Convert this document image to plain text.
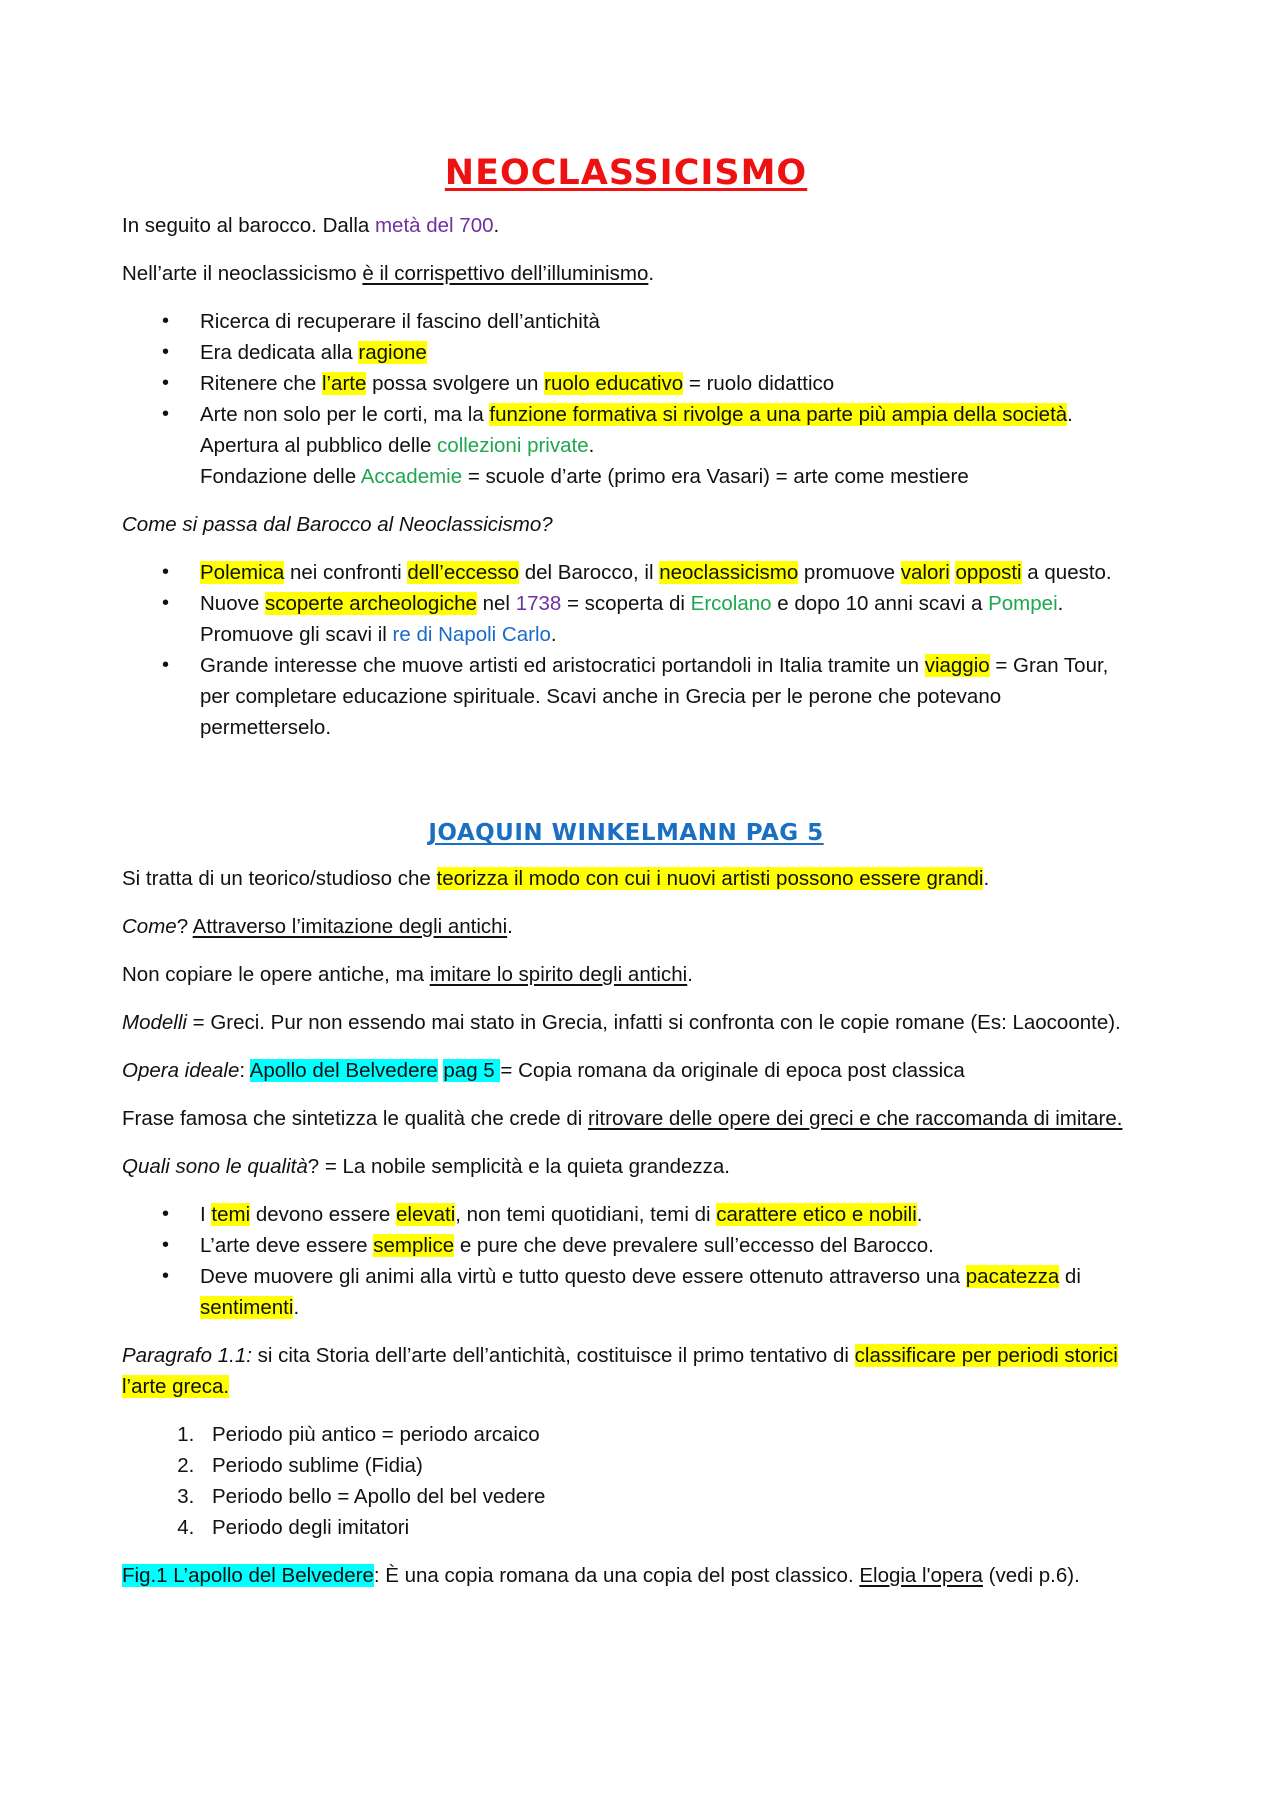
NEOCLASSICISMO

In seguito al barocco. Dalla metà del 700.

Nell’arte il neoclassicismo è il corrispettivo dell’illuminismo.

• Ricerca di recuperare il fascino dell’antichità
• Era dedicata alla ragione
• Ritenere che l’arte possa svolgere un ruolo educativo = ruolo didattico
• Arte non solo per le corti, ma la funzione formativa si rivolge a una parte più ampia della società.
Apertura al pubblico delle collezioni private.
Fondazione delle Accademie = scuole d’arte (primo era Vasari) = arte come mestiere

Come si passa dal Barocco al Neoclassicismo?

• Polemica nei confronti dell’eccesso del Barocco, il neoclassicismo promuove valori opposti a questo.
• Nuove scoperte archeologiche nel 1738 = scoperta di Ercolano e dopo 10 anni scavi a Pompei.
Promuove gli scavi il re di Napoli Carlo.
• Grande interesse che muove artisti ed aristocratici portandoli in Italia tramite un viaggio = Gran Tour, per completare educazione spirituale. Scavi anche in Grecia per le perone che potevano permetterselo.
JOAQUIN WINKELMANN PAG 5

Si tratta di un teorico/studioso che teorizza il modo con cui i nuovi artisti possono essere grandi.

Come? Attraverso l’imitazione degli antichi.

Non copiare le opere antiche, ma imitare lo spirito degli antichi.

Modelli = Greci. Pur non essendo mai stato in Grecia, infatti si confronta con le copie romane (Es: Laocoonte).

Opera ideale: Apollo del Belvedere pag 5 = Copia romana da originale di epoca post classica

Frase famosa che sintetizza le qualità che crede di ritrovare delle opere dei greci e che raccomanda di imitare.

Quali sono le qualità? = La nobile semplicità e la quieta grandezza.

• I temi devono essere elevati, non temi quotidiani, temi di carattere etico e nobili.
• L’arte deve essere semplice e pure che deve prevalere sull’eccesso del Barocco.
• Deve muovere gli animi alla virtù e tutto questo deve essere ottenuto attraverso una pacatezza di sentimenti.

Paragrafo 1.1: si cita Storia dell’arte dell’antichità, costituisce il primo tentativo di classificare per periodi storici l’arte greca.

1. Periodo più antico = periodo arcaico
2. Periodo sublime (Fidia)
3. Periodo bello = Apollo del bel vedere
4. Periodo degli imitatori

Fig.1 L’apollo del Belvedere: È una copia romana da una copia del post classico. Elogia l'opera (vedi p.6).
